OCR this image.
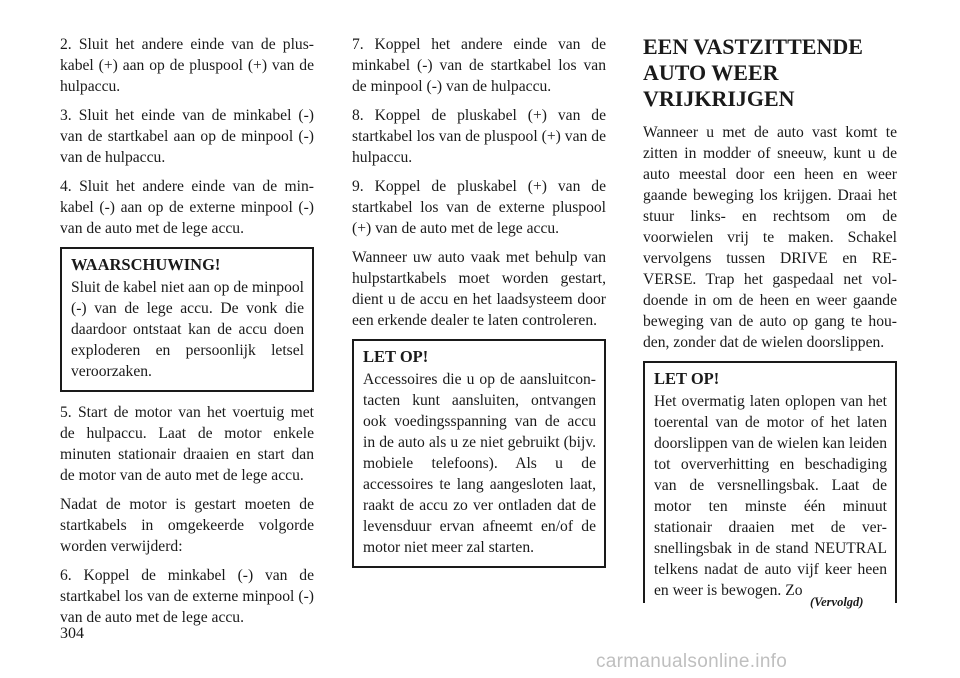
2. Sluit het andere einde van de pluskabel (+) aan op de pluspool (+) van de hulpaccu.

3. Sluit het einde van de minkabel (-) van de startkabel aan op de minpool (-) van de hulpaccu.

4. Sluit het andere einde van de minkabel (-) aan op de externe minpool (-) van de auto met de lege accu.

WAARSCHUWING!
Sluit de kabel niet aan op de minpool (-) van de lege accu. De vonk die daardoor ontstaat kan de accu doen exploderen en persoonlijk letsel veroorzaken.

5. Start de motor van het voertuig met de hulpaccu. Laat de motor enkele minuten stationair draaien en start dan de motor van de auto met de lege accu.

Nadat de motor is gestart moeten de startkabels in omgekeerde volgorde worden verwijderd:

6. Koppel de minkabel (-) van de startkabel los van de externe minpool (-) van de auto met de lege accu.

7. Koppel het andere einde van de minkabel (-) van de startkabel los van de minpool (-) van de hulpaccu.

8. Koppel de pluskabel (+) van de startkabel los van de pluspool (+) van de hulpaccu.

9. Koppel de pluskabel (+) van de startkabel los van de externe pluspool (+) van de auto met de lege accu.

Wanneer uw auto vaak met behulp van hulpstartkabels moet worden gestart, dient u de accu en het laadsysteem door een erkende dealer te laten controleren.

LET OP!
Accessoires die u op de aansluitcontacten kunt aansluiten, ontvangen ook voedingsspanning van de accu in de auto als u ze niet gebruikt (bijv. mobiele telefoons). Als u de accessoires te lang aangesloten laat, raakt de accu zo ver ontladen dat de levensduur ervan afneemt en/of de motor niet meer zal starten.
EEN VASTZITTENDE AUTO WEER VRIJKRIJGEN

Wanneer u met de auto vast komt te zitten in modder of sneeuw, kunt u de auto meestal door een heen en weer gaande beweging los krijgen. Draai het stuur links- en rechtsom om de voorwielen vrij te maken. Schakel vervolgens tussen DRIVE en REVERSE. Trap het gaspedaal net voldoende in om de heen en weer gaande beweging van de auto op gang te houden, zonder dat de wielen doorslippen.

LET OP!
Het overmatig laten oplopen van het toerental van de motor of het laten doorslippen van de wielen kan leiden tot oververhitting en beschadiging van de versnellingsbak. Laat de motor ten minste één minuut stationair draaien met de versnellingsbak in de stand NEUTRAL telkens nadat de auto vijf keer heen en weer is bewogen. Zo
(Vervolgd)
304
carmanualsonline.info
